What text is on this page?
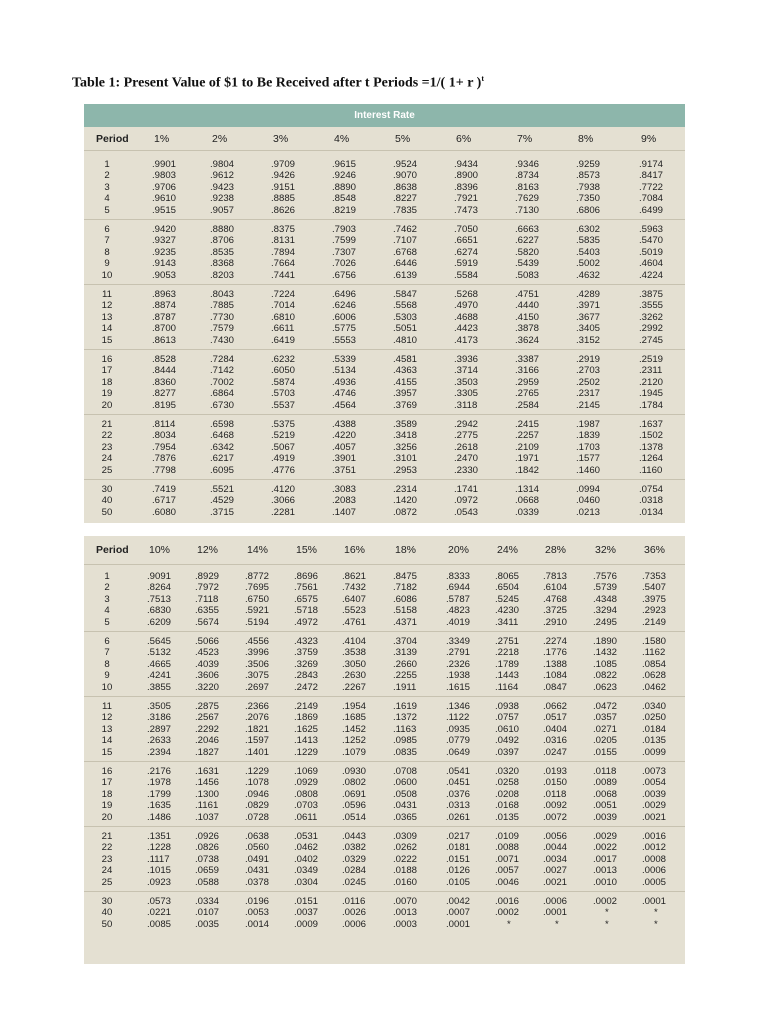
Table 1: Present Value of $1 to Be Received after t Periods =1/( 1+ r )$^t$
Interest Rate
Period 1%	2%	3%	4%	5%	6%	7%	8%	9%
1	.9901	.9804	.9709	.9615	.9524	.9434	.9346	.9259	.9174
2	.9803	.9612	.9426	.9246	.9070	.8900	.8734	.8573	.8417
3	.9706	.9423	.9151	.8890	.8638	.8396	.8163	.7938	.7722
4	.9610	.9238	.8885	.8548	.8227	.7921	.7629	.7350	.7084
5	.9515	.9057	.8626	.8219	.7835	.7473	.7130	.6806	.6499
6	.9420	.8880	.8375	.7903	.7462	.7050	.6663	.6302	.5963
7	.9327	.8706	.8131	.7599	.7107	.6651	.6227	.5835	.5470
8	.9235	.8535	.7894	.7307	.6768	.6274	.5820	.5403	.5019
9	.9143	.8368	.7664	.7026	.6446	.5919	.5439	.5002	.4604
10	.9053	.8203	.7441	.6756	.6139	.5584	.5083	.4632	.4224
11	.8963	.8043	.7224	.6496	.5847	.5268	.4751	.4289	.3875
12	.8874	.7885	.7014	.6246	.5568	.4970	.4440	.3971	.3555
13	.8787	.7730	.6810	.6006	.5303	.4688	.4150	.3677	.3262
14	.8700	.7579	.6611	.5775	.5051	.4423	.3878	.3405	.2992
15	.8613	.7430	.6419	.5553	.4810	.4173	.3624	.3152	.2745
16	.8528	.7284	.6232	.5339	.4581	.3936	.3387	.2919	.2519
17	.8444	.7142	.6050	.5134	.4363	.3714	.3166	.2703	.2311
18	.8360	.7002	.5874	.4936	.4155	.3503	.2959	.2502	.2120
19	.8277	.6864	.5703	.4746	.3957	.3305	.2765	.2317	.1945
20	.8195	.6730	.5537	.4564	.3769	.3118	.2584	.2145	.1784
21	.8114	.6598	.5375	.4388	.3589	.2942	.2415	.1987	.1637
22	.8034	.6468	.5219	.4220	.3418	.2775	.2257	.1839	.1502
23	.7954	.6342	.5067	.4057	.3256	.2618	.2109	.1703	.1378
24	.7876	.6217	.4919	.3901	.3101	.2470	.1971	.1577	.1264
25	.7798	.6095	.4776	.3751	.2953	.2330	.1842	.1460	.1160
30	.7419	.5521	.4120	.3083	.2314	.1741	.1314	.0994	.0754
40	.6717	.4529	.3066	.2083	.1420	.0972	.0668	.0460	.0318
50	.6080	.3715	.2281	.1407	.0872	.0543	.0339	.0213	.0134
Period 10%	12%	14%	15%	16%	18%	20%	24%	28%	32%	36%
1	.9091 .8929	.8772	.8696 .8621	.8475	.8333	.8065 .7813	.7576	.7353
2	.8264 .7972	.7695	.7561 .7432	.7182	.6944	.6504 .6104	.5739	.5407
3	.7513 .7118	.6750	.6575 .6407	.6086	.5787	.5245 .4768	.4348	.3975
4	.6830 .6355	.5921	.5718 .5523	.5158	.4823	.4230 .3725	.3294	.2923
5	.6209 .5674	.5194	.4972 .4761	.4371	.4019	.3411	.2910	.2495	.2149
6	.5645 .5066	.4556	.4323 .4104	.3704	.3349	.2751 .2274	.1890	.1580
7	.5132 .4523	.3996	.3759 .3538	.3139	.2791	.2218 .1776	.1432	.1162
8	.4665 .4039	.3506	.3269 .3050	.2660	.2326	.1789 .1388	.1085	.0854
9	.4241 .3606	.3075	.2843 .2630	.2255	.1938	.1443 .1084	.0822	.0628
10	.3855 .3220	.2697	.2472 .2267	.1911	.1615	.1164	.0847	.0623	.0462
11	.3505 .2875	.2366	.2149 .1954	.1619	.1346	.0938 .0662	.0472	.0340
12	.3186 .2567	.2076	.1869 .1685	.1372	.1122	.0757 .0517	.0357	.0250
13	.2897 .2292	.1821	.1625 .1452	.1163	.0935	.0610 .0404	.0271	.0184
14	.2633 .2046	.1597	.1413 .1252	.0985	.0779	.0492 .0316	.0205	.0135
15	.2394 .1827	.1401	.1229 .1079	.0835	.0649	.0397 .0247	.0155	.0099
16	.2176 .1631	.1229	.1069 .0930	.0708	.0541	.0320 .0193	.0118	.0073
17	.1978 .1456	.1078	.0929 .0802	.0600	.0451	.0258 .0150	.0089	.0054
18	.1799 .1300	.0946	.0808 .0691	.0508	.0376	.0208 .0118	.0068	.0039
19	.1635 .1161	.0829	.0703 .0596	.0431	.0313	.0168 .0092	.0051	.0029
20	.1486 .1037	.0728	.0611	.0514	.0365	.0261	.0135 .0072	.0039	.0021
21	.1351 .0926	.0638	.0531 .0443	.0309	.0217	.0109 .0056	.0029	.0016
22	.1228 .0826	.0560	.0462 .0382	.0262	.0181	.0088 .0044	.0022	.0012
23	.1117	.0738	.0491	.0402 .0329	.0222	.0151	.0071 .0034	.0017	.0008
24	.1015 .0659	.0431	.0349 .0284	.0188	.0126	.0057 .0027	.0013	.0006
25	.0923 .0588	.0378	.0304 .0245	.0160	.0105	.0046 .0021	.0010	.0005
30	.0573 .0334	.0196	.0151 .0116	.0070	.0042	.0016 .0006	.0002	.0001
40	.0221 .0107	.0053	.0037 .0026	.0013	.0007	.0002 .0001	*	*
50	.0085 .0035	.0014	.0009 .0006	.0003	.0001	*	*	*	*
